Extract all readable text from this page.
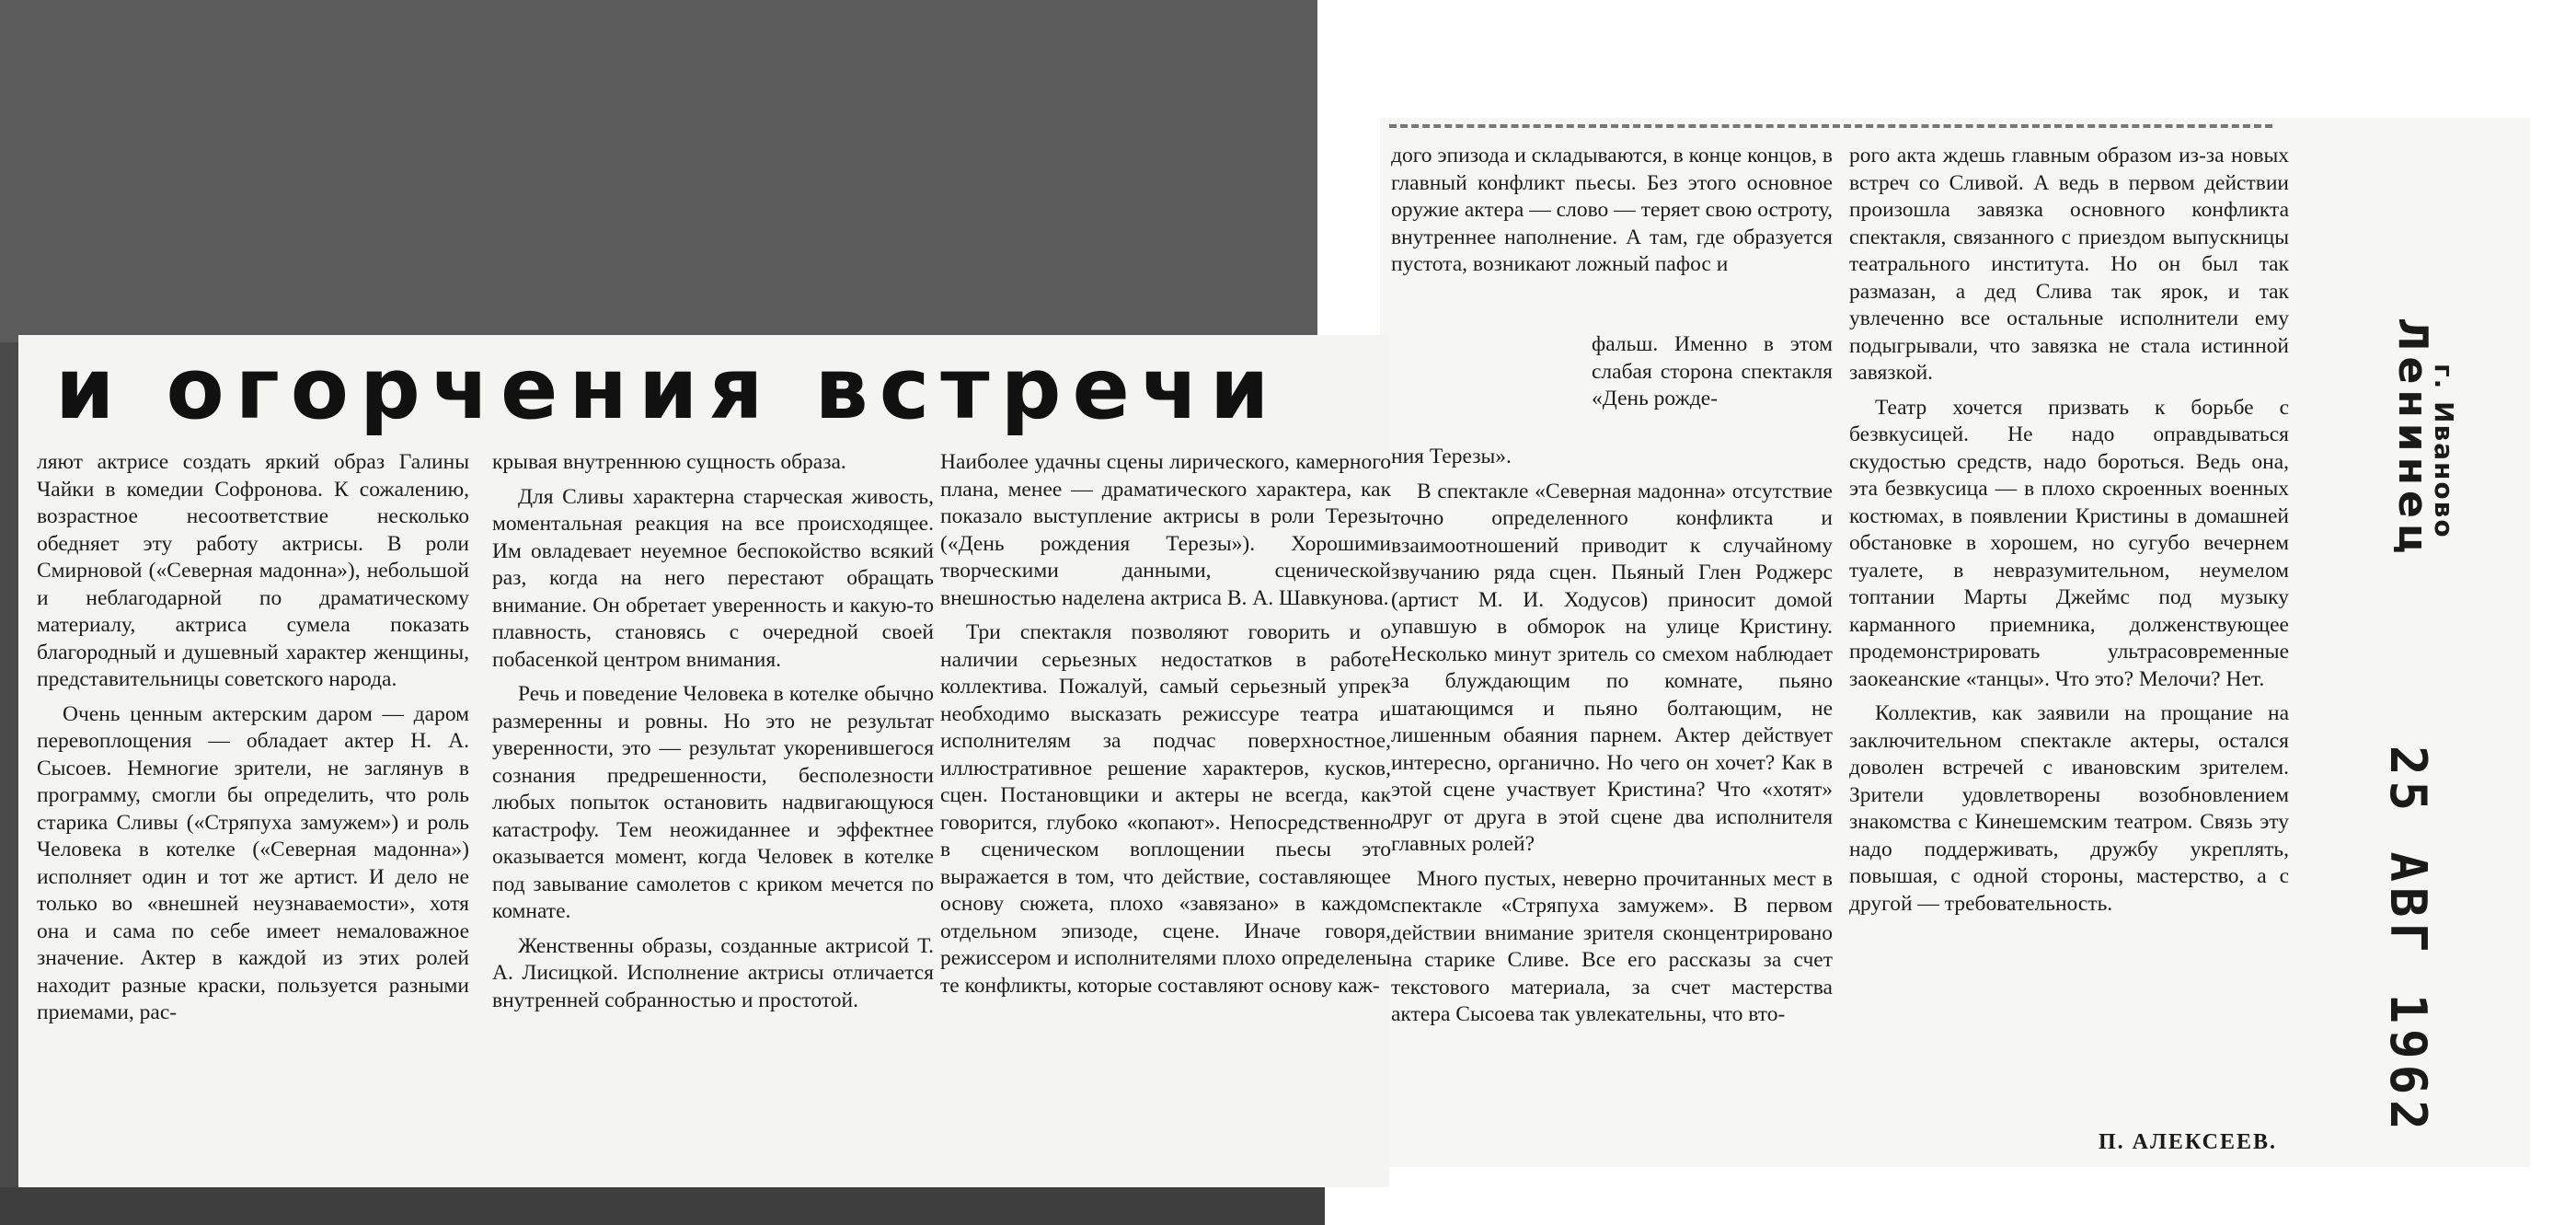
и огорчения встречи

ляют актрисе создать яркий образ Галины Чайки в комедии Софронова. К сожалению, возрастное несоответствие несколько обедняет эту работу актрисы. В роли Смирновой («Северная мадонна»), небольшой и неблагодарной по драматическому материалу, актриса сумела показать благородный и душевный характер женщины, представительницы советского народа.

Очень ценным актерским даром — даром перевоплощения — обладает актер Н. А. Сысоев. Немногие зрители, не заглянув в программу, смогли бы определить, что роль старика Сливы («Стряпуха замужем») и роль Человека в котелке («Северная мадонна») исполняет один и тот же артист. И дело не только во «внешней неузнаваемости», хотя она и сама по себе имеет немаловажное значение. Актер в каждой из этих ролей находит разные краски, пользуется разными приемами, рас-

крывая внутреннюю сущность образа.

Для Сливы характерна старческая живость, моментальная реакция на все происходящее. Им овладевает неуемное беспокойство всякий раз, когда на него перестают обращать внимание. Он обретает уверенность и какую-то плавность, становясь с очередной своей побасенкой центром внимания.

Речь и поведение Человека в котелке обычно размеренны и ровны. Но это не результат уверенности, это — результат укоренившегося сознания предрешенности, бесполезности любых попыток остановить надвигающуюся катастрофу. Тем неожиданнее и эффектнее оказывается момент, когда Человек в котелке под завывание самолетов с криком мечется по комнате.

Женственны образы, созданные актрисой Т. А. Лисицкой. Исполнение актрисы отличается внутренней собранностью и простотой.

Наиболее удачны сцены лирического, камерного плана, менее — драматического характера, как показало выступление актрисы в роли Терезы («День рождения Терезы»). Хорошими творческими данными, сценической внешностью наделена актриса В. А. Шавкунова.

Три спектакля позволяют говорить и о наличии серьезных недостатков в работе коллектива. Пожалуй, самый серьезный упрек необходимо высказать режиссуре театра и исполнителям за подчас поверхностное, иллюстративное решение характеров, кусков, сцен. Постановщики и актеры не всегда, как говорится, глубоко «копают». Непосредственно в сценическом воплощении пьесы это выражается в том, что действие, составляющее основу сюжета, плохо «завязано» в каждом отдельном эпизоде, сцене. Иначе говоря, режиссером и исполнителями плохо определены те конфликты, которые составляют основу каж-

дого эпизода и складываются, в конце концов, в главный конфликт пьесы. Без этого основное оружие актера — слово — теряет свою остроту, внутреннее наполнение. А там, где образуется пустота, возникают ложный пафос и

фальш. Именно в этом слабая сторона спектакля «День рожде-

ния Терезы».

В спектакле «Северная мадонна» отсутствие точно определенного конфликта и взаимоотношений приводит к случайному звучанию ряда сцен. Пьяный Глен Роджерс (артист М. И. Ходусов) приносит домой упавшую в обморок на улице Кристину. Несколько минут зритель со смехом наблюдает за блуждающим по комнате, пьяно шатающимся и пьяно болтающим, не лишенным обаяния парнем. Актер действует интересно, органично. Но чего он хочет? Как в этой сцене участвует Кристина? Что «хотят» друг от друга в этой сцене два исполнителя главных ролей?

Много пустых, неверно прочитанных мест в спектакле «Стряпуха замужем». В первом действии внимание зрителя сконцентрировано на старике Сливе. Все его рассказы за счет текстового материала, за счет мастерства актера Сысоева так увлекательны, что вто-

рого акта ждешь главным образом из-за новых встреч со Сливой. А ведь в первом действии произошла завязка основного конфликта спектакля, связанного с приездом выпускницы театрального института. Но он был так размазан, а дед Слива так ярок, и так увлеченно все остальные исполнители ему подыгрывали, что завязка не стала истинной завязкой.

Театр хочется призвать к борьбе с безвкусицей. Не надо оправдываться скудостью средств, надо бороться. Ведь она, эта безвкусица — в плохо скроенных военных костюмах, в появлении Кристины в домашней обстановке в хорошем, но сугубо вечернем туалете, в невразумительном, неумелом топтании Марты Джеймс под музыку карманного приемника, долженствующее продемонстрировать ультрасовременные заокеанские «танцы». Что это? Мелочи? Нет.

Коллектив, как заявили на прощание на заключительном спектакле актеры, остался доволен встречей с ивановским зрителем. Зрители удовлетворены возобновлением знакомства с Кинешемским театром. Связь эту надо поддерживать, дружбу укреплять, повышая, с одной стороны, мастерство, а с другой — требовательность.

П. АЛЕКСЕЕВ.
Ленинец
г. Иваново
25 АВГ 1962
